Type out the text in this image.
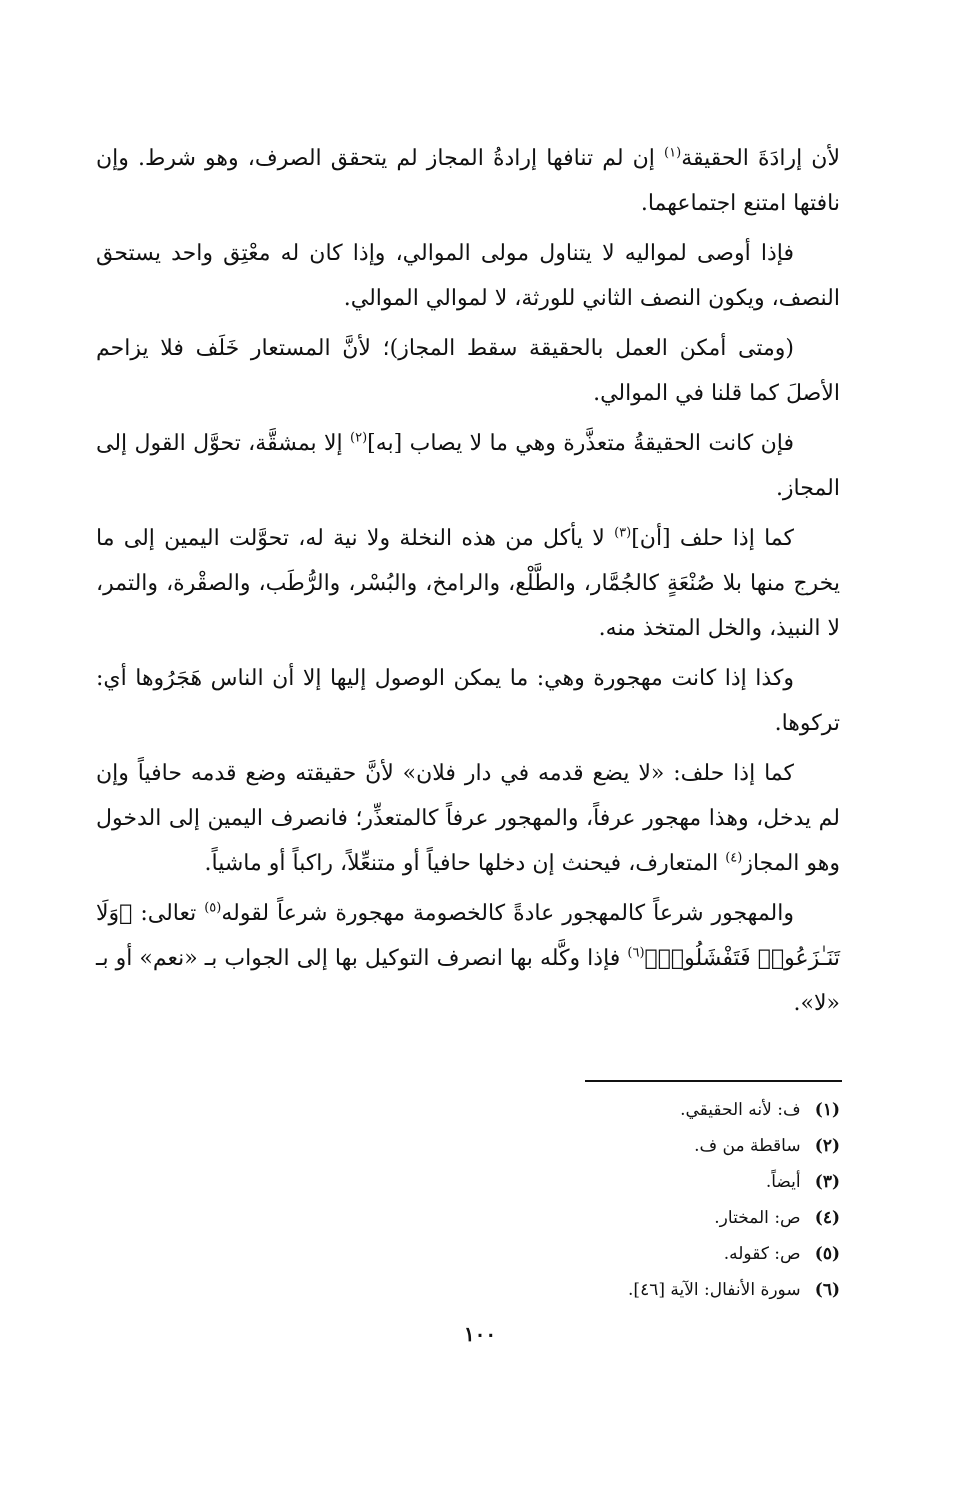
لأن إرادَةَ الحقيقة$^{(١)}$ إن لم تنافها إرادةُ المجاز لم يتحقق الصرف، وهو شرط. وإن نافتها امتنع اجتماعهما.

فإذا أوصى لمواليه لا يتناول مولى الموالي، وإذا كان له معْتِق واحد يستحق النصف، ويكون النصف الثاني للورثة، لا لموالي الموالي.

(ومتى أمكن العمل بالحقيقة سقط المجاز)؛ لأنَّ المستعار خَلَف فلا يزاحم الأصلَ كما قلنا في الموالي.

فإن كانت الحقيقةُ متعذَّرة وهي ما لا يصاب [به]$^{(٢)}$ إلا بمشقَّة، تحوَّل القول إلى المجاز.

كما إذا حلف [أن]$^{(٣)}$ لا يأكل من هذه النخلة ولا نية له، تحوَّلت اليمين إلى ما يخرج منها بلا صُنْعَةٍ كالجُمَّار، والطَّلْع، والرامخ، والبُسْر، والرُّطَب، والصقْرة، والتمر، لا النبيذ، والخل المتخذ منه.

وكذا إذا كانت مهجورة وهي: ما يمكن الوصول إليها إلا أن الناس هَجَرُوها أي: تركوها.

كما إذا حلف: «لا يضع قدمه في دار فلان» لأنَّ حقيقته وضع قدمه حافياً وإن لم يدخل، وهذا مهجور عرفاً، والمهجور عرفاً كالمتعذِّر؛ فانصرف اليمين إلى الدخول وهو المجاز$^{(٤)}$ المتعارف، فيحنث إن دخلها حافياً أو متنعِّلاً، راكباً أو ماشياً.

والمهجور شرعاً كالمهجور عادةً كالخصومة مهجورة شرعاً لقوله$^{(٥)}$ تعالى: ﴿وَلَا تَنَـٰزَعُوا۟ فَتَفْشَلُوا۟﴾$^{(٦)}$ فإذا وكَّله بها انصرف التوكيل بها إلى الجواب بـ «نعم» أو بـ «لا».

(١) ف: لأنه الحقيقي.
(٢) ساقطة من ف.
(٣) أيضاً.
(٤) ص: المختار.
(٥) ص: كقوله.
(٦) سورة الأنفال: الآية [٤٦].
١٠٠
